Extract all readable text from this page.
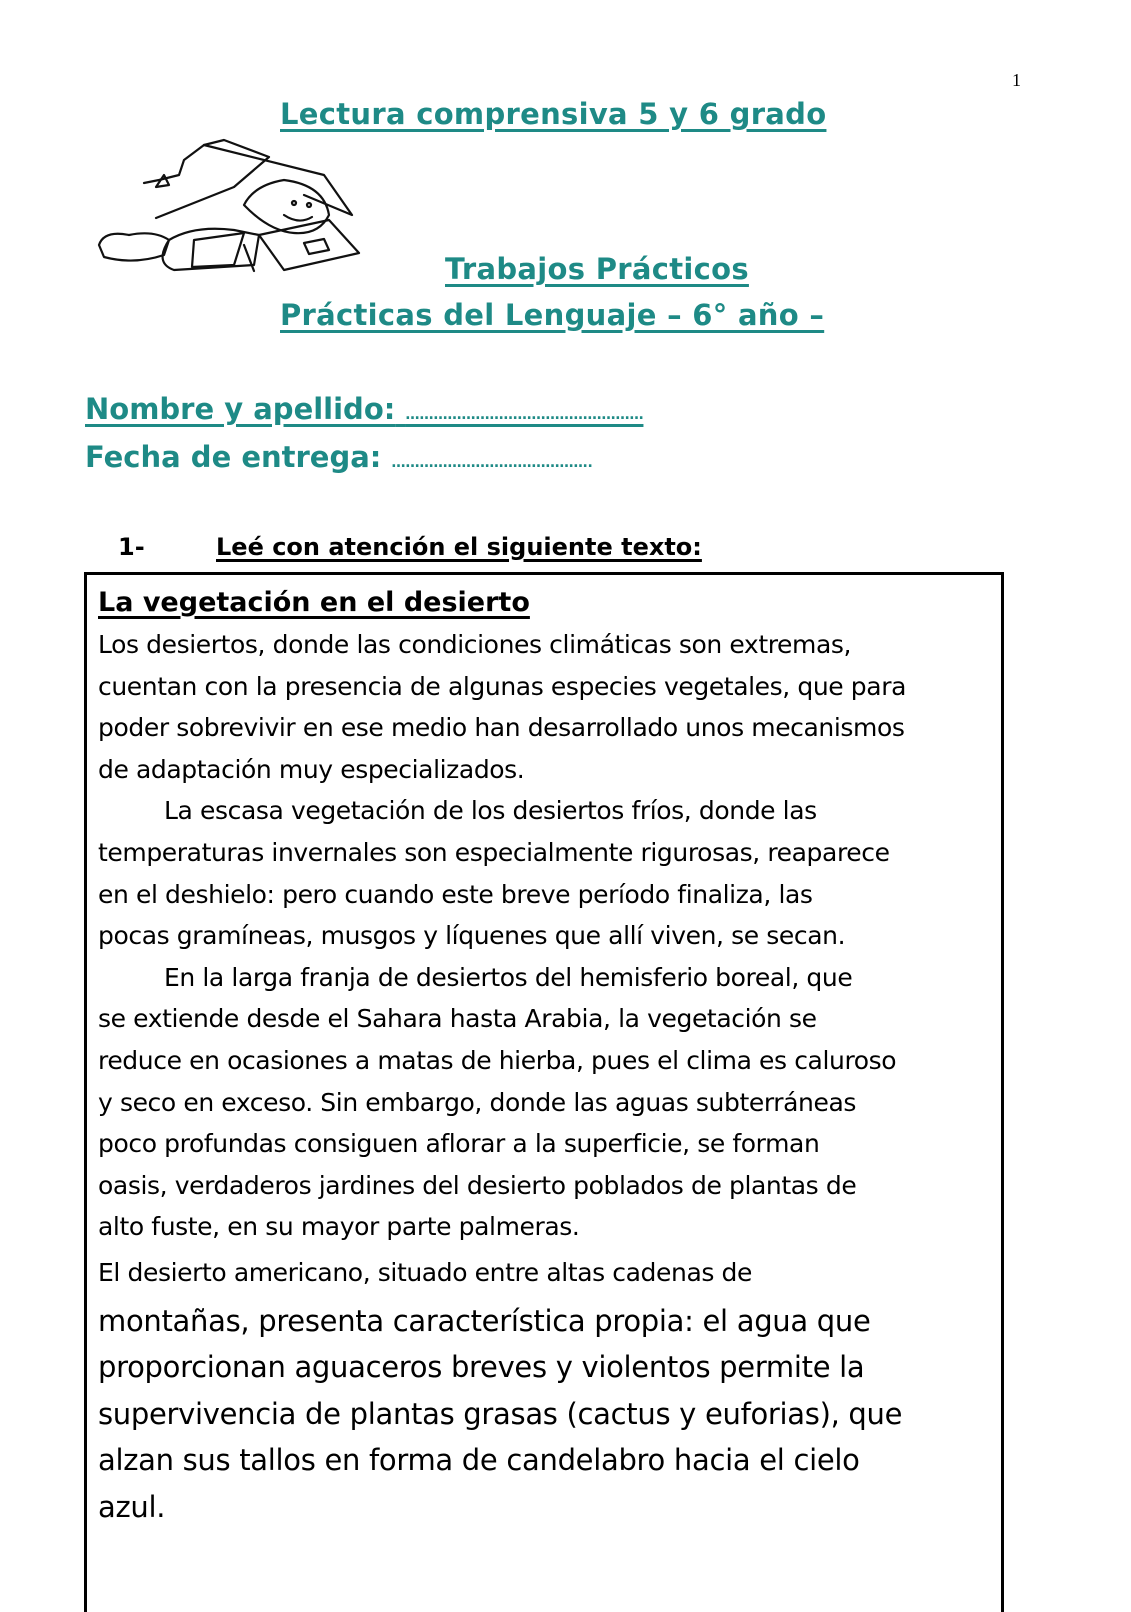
1
Lectura comprensiva 5 y 6 grado
Trabajos Prácticos
Prácticas del Lenguaje – 6° año –
Nombre y apellido: ……………………………………………
Fecha de entrega: …………………………………….
1-	Leé con atención el siguiente texto:
La vegetación en el desierto

Los desiertos, donde las condiciones climáticas son extremas,
cuentan con la presencia de algunas especies vegetales, que para
poder sobrevivir en ese medio han desarrollado unos mecanismos
de adaptación muy especializados.

La escasa vegetación de los desiertos fríos, donde las
temperaturas invernales son especialmente rigurosas, reaparece
en el deshielo: pero cuando este breve período finaliza, las
pocas gramíneas, musgos y líquenes que allí viven, se secan.

En la larga franja de desiertos del hemisferio boreal, que
se extiende desde el Sahara hasta Arabia, la vegetación se
reduce en ocasiones a matas de hierba, pues el clima es caluroso
y seco en exceso. Sin embargo, donde las aguas subterráneas
poco profundas consiguen aflorar a la superficie, se forman
oasis, verdaderos jardines del desierto poblados de plantas de
alto fuste, en su mayor parte palmeras.

El desierto americano, situado entre altas cadenas de

montañas, presenta característica propia: el agua que
proporcionan aguaceros breves y violentos permite la
supervivencia de plantas grasas (cactus y euforias), que
alzan sus tallos en forma de candelabro hacia el cielo
azul.
